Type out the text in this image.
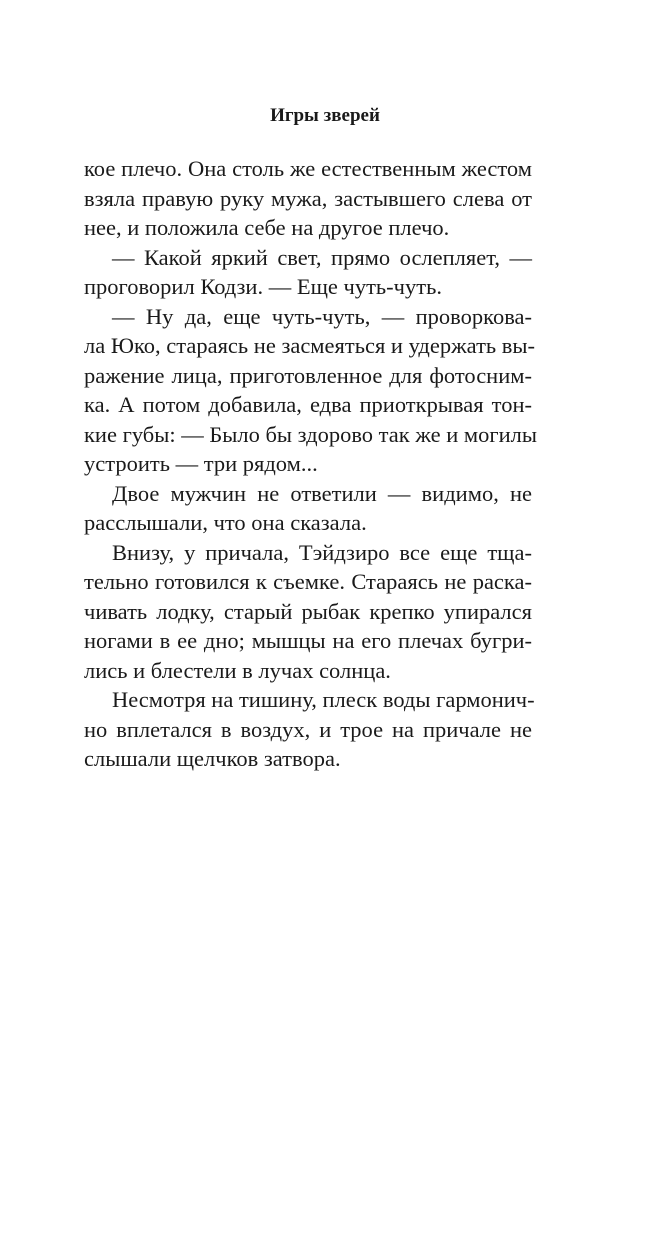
Игры зверей
кое плечо. Она столь же естественным жестом
взяла правую руку мужа, застывшего слева от
нее, и положила себе на другое плечо.
— Какой яркий свет, прямо ослепляет, —
проговорил Кодзи. — Еще чуть-чуть.
— Ну да, еще чуть-чуть, — проворкова-
ла Юко, стараясь не засмеяться и удержать вы-
ражение лица, приготовленное для фотосним-
ка. А потом добавила, едва приоткрывая тон-
кие губы: — Было бы здорово так же и могилы
устроить — три рядом...
Двое мужчин не ответили — видимо, не
расслышали, что она сказала.
Внизу, у причала, Тэйдзиро все еще тща-
тельно готовился к съемке. Стараясь не раска-
чивать лодку, старый рыбак крепко упирался
ногами в ее дно; мышцы на его плечах бугри-
лись и блестели в лучах солнца.
Несмотря на тишину, плеск воды гармонич-
но вплетался в воздух, и трое на причале не
слышали щелчков затвора.
